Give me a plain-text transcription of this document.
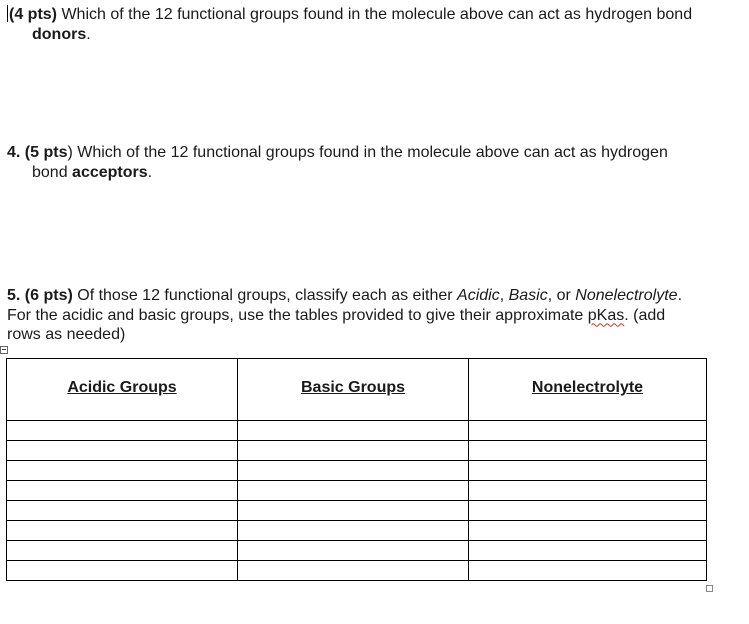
(4 pts) Which of the 12 functional groups found in the molecule above can act as hydrogen bond

donors.

4. (5 pts) Which of the 12 functional groups found in the molecule above can act as hydrogen

bond acceptors.

5. (6 pts) Of those 12 functional groups, classify each as either Acidic, Basic, or Nonelectrolyte.

For the acidic and basic groups, use the tables provided to give their approximate pKas. (add

rows as needed)

Acidic Groups	Basic Groups	Nonelectrolyte
